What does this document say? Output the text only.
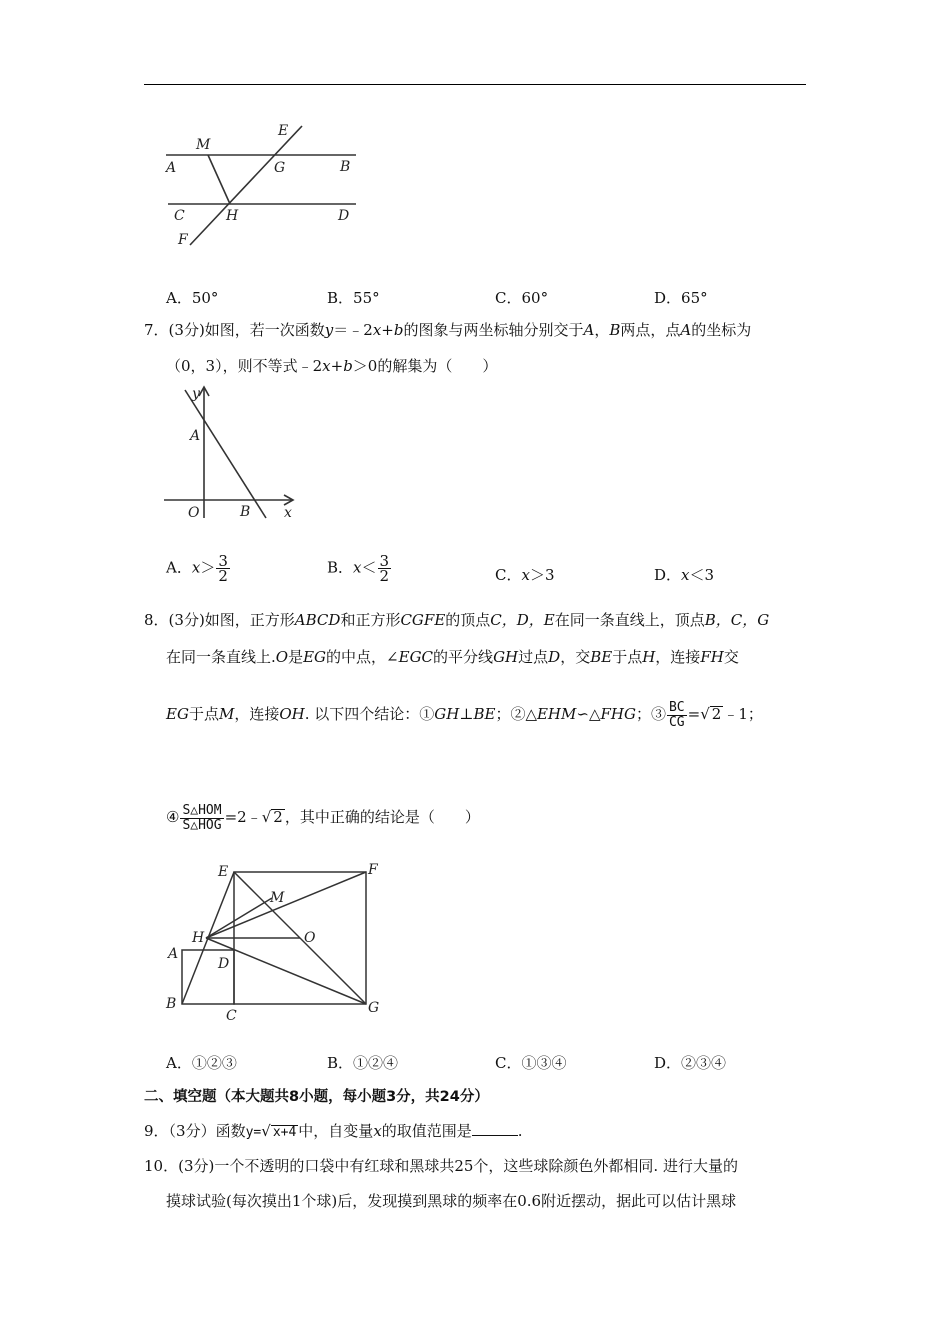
M
E
A	G	B
C	H	D
F
A．50°	B．55°	C．60°	D．65°
7．(3分)如图，若一次函数y＝﹣2x+b的图象与两坐标轴分别交于A，B两点，点A的坐标为
（0，3），则不等式﹣2x+b＞0的解集为（　　）
y
A
O	B x
A．$x> \frac{3}{2}$	B．$x< \frac{3}{2}$	C．x＞3	D．x＜3
8．(3分)如图，正方形ABCD和正方形CGFE的顶点C，D，E在同一条直线上，顶点B，C，G
在同一条直线上.O是EG的中点，∠EGC的平分线GH过点D，交BE于点H，连接FH交
EG于点M，连接OH. 以下四个结论：①GH⊥BE；②△EHM∽△FHG；③ $\frac{BC}{CG}$ =√ 2 ﹣1；
④ $\frac{\text{S△HOM}}{\text{S△HOG}}$ =2﹣√ 2 ，其中正确的结论是（　　）
E	F
M
H	O
A
D
B
C	G
A．①②③	B．①②④	C．①③④	D．②③④
二、填空题（本大题共8小题，每小题3分，共24分）
9．（3分）函数y=√ x+4 中，自变量x的取值范围是	.
10．(3分)一个不透明的口袋中有红球和黑球共25个，这些球除颜色外都相同. 进行大量的
摸球试验(每次摸出1个球)后，发现摸到黑球的频率在0.6附近摆动，据此可以估计黑球
